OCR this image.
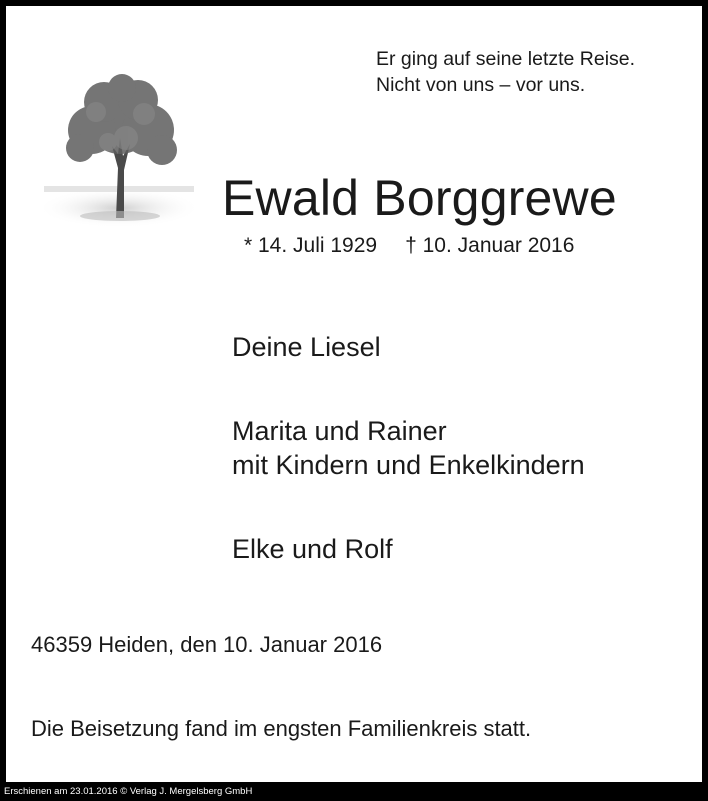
Er ging auf seine letzte Reise.
Nicht von uns – vor uns.
Ewald Borggrewe
* 14. Juli 1929 † 10. Januar 2016
Deine Liesel
Marita und Rainer
mit Kindern und Enkelkindern
Elke und Rolf
46359 Heiden, den 10. Januar 2016
Die Beisetzung fand im engsten Familienkreis statt.
Erschienen am 23.01.2016 © Verlag J. Mergelsberg GmbH
